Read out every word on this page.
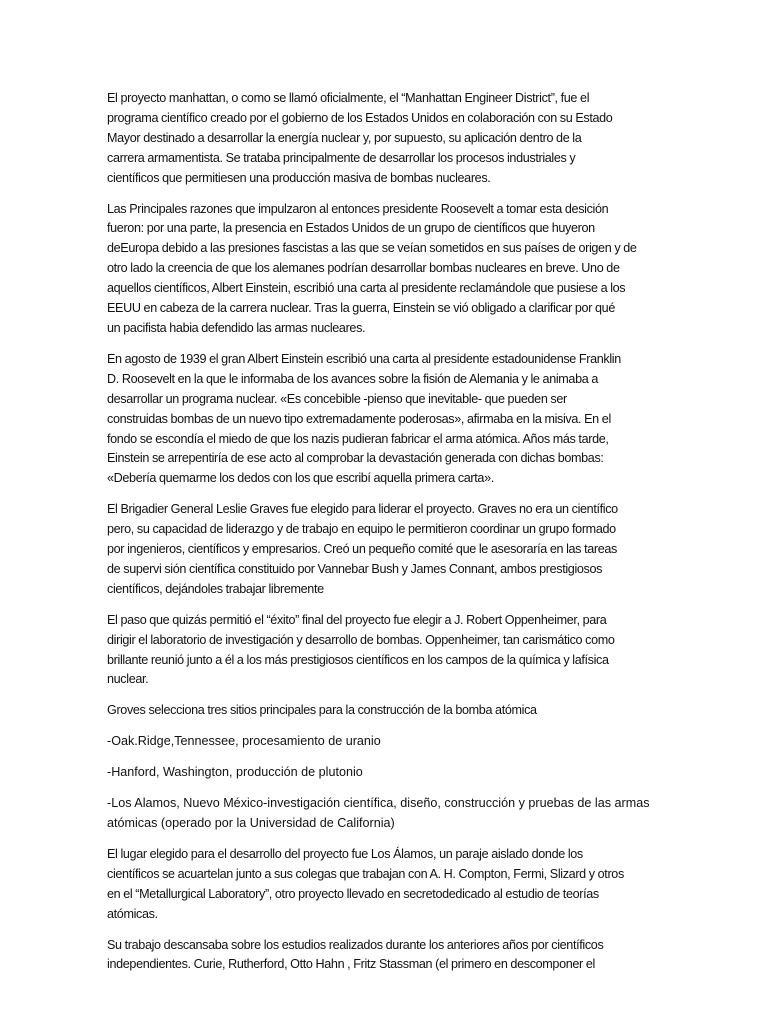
El proyecto manhattan, o como se llamó oficialmente, el “Manhattan Engineer District”, fue el
programa científico creado por el gobierno de los Estados Unidos en colaboración con su Estado
Mayor destinado a desarrollar la energía nuclear y, por supuesto, su aplicación dentro de la
carrera armamentista. Se trataba principalmente de desarrollar los procesos industriales y
científicos que permitiesen una producción masiva de bombas nucleares.
Las Principales razones que impulzaron al entonces presidente Roosevelt a tomar esta desición
fueron: por una parte, la presencia en Estados Unidos de un grupo de científicos que huyeron
deEuropa debido a las presiones fascistas a las que se veían sometidos en sus países de origen y de
otro lado la creencia de que los alemanes podrían desarrollar bombas nucleares en breve. Uno de
aquellos científicos, Albert Einstein, escribió una carta al presidente reclamándole que pusiese a los
EEUU en cabeza de la carrera nuclear. Tras la guerra, Einstein se vió obligado a clarificar por qué
un pacifista habia defendido las armas nucleares.
En agosto de 1939 el gran Albert Einstein escribió una carta al presidente estadounidense Franklin
D. Roosevelt en la que le informaba de los avances sobre la fisión de Alemania y le animaba a
desarrollar un programa nuclear. «Es concebible -pienso que inevitable- que pueden ser
construidas bombas de un nuevo tipo extremadamente poderosas», afirmaba en la misiva. En el
fondo se escondía el miedo de que los nazis pudieran fabricar el arma atómica. Años más tarde,
Einstein se arrepentiría de ese acto al comprobar la devastación generada con dichas bombas:
«Debería quemarme los dedos con los que escribí aquella primera carta».
El Brigadier General Leslie Graves fue elegido para liderar el proyecto. Graves no era un científico
pero, su capacidad de liderazgo y de trabajo en equipo le permitieron coordinar un grupo formado
por ingenieros, científicos y empresarios. Creó un pequeño comité que le asesoraría en las tareas
de supervi sión científica constituido por Vannebar Bush y James Connant, ambos prestigiosos
científicos, dejándoles trabajar libremente
El paso que quizás permitió el “éxito” final del proyecto fue elegir a J. Robert Oppenheimer, para
dirigir el laboratorio de investigación y desarrollo de bombas. Oppenheimer, tan carismático como
brillante reunió junto a él a los más prestigiosos científicos en los campos de la química y lafísica
nuclear.
Groves selecciona tres sitios principales para la construcción de la bomba atómica
-Oak.Ridge,Tennessee, procesamiento de uranio
-Hanford, Washington, producción de plutonio
-Los Alamos, Nuevo México-investigación científica, diseño, construcción y pruebas de las armas
atómicas (operado por la Universidad de California)
El lugar elegido para el desarrollo del proyecto fue Los Álamos, un paraje aislado donde los
científicos se acuartelan junto a sus colegas que trabajan con A. H. Compton, Fermi, Slizard y otros
en el “Metallurgical Laboratory”, otro proyecto llevado en secretodedicado al estudio de teorías
atómicas.
Su trabajo descansaba sobre los estudios realizados durante los anteriores años por científicos
independientes. Curie, Rutherford, Otto Hahn , Fritz Stassman (el primero en descomponer el
